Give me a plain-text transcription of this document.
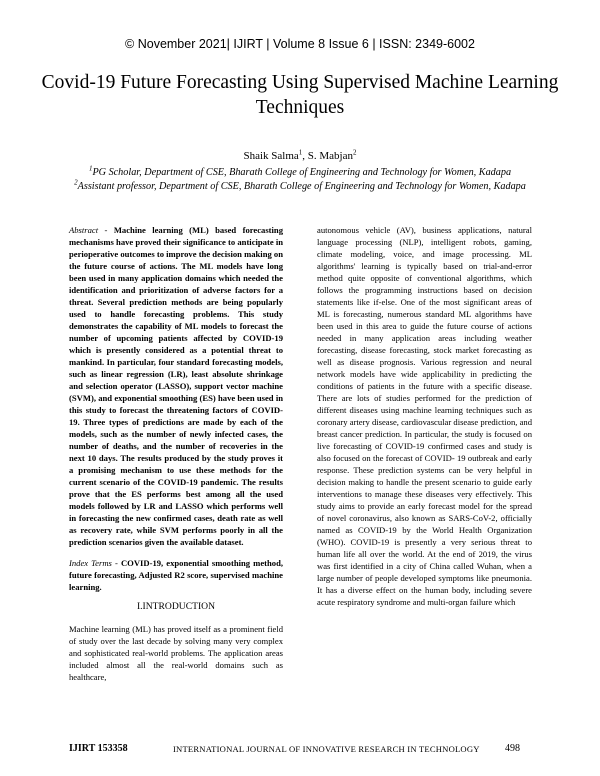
© November 2021| IJIRT | Volume 8 Issue 6 | ISSN: 2349-6002
Covid-19 Future Forecasting Using Supervised Machine Learning Techniques
Shaik Salma$^1$, S. Mabjan$^2$
$^1$PG Scholar, Department of CSE, Bharath College of Engineering and Technology for Women, Kadapa
$^2$Assistant professor, Department of CSE, Bharath College of Engineering and Technology for Women, Kadapa

Abstract - Machine learning (ML) based forecasting mechanisms have proved their significance to anticipate in perioperative outcomes to improve the decision making on the future course of actions. The ML models have long been used in many application domains which needed the identification and prioritization of adverse factors for a threat. Several prediction methods are being popularly used to handle forecasting problems. This study demonstrates the capability of ML models to forecast the number of upcoming patients affected by COVID-19 which is presently considered as a potential threat to mankind. In particular, four standard forecasting models, such as linear regression (LR), least absolute shrinkage and selection operator (LASSO), support vector machine (SVM), and exponential smoothing (ES) have been used in this study to forecast the threatening factors of COVID-19. Three types of predictions are made by each of the models, such as the number of newly infected cases, the number of deaths, and the number of recoveries in the next 10 days. The results produced by the study proves it a promising mechanism to use these methods for the current scenario of the COVID-19 pandemic. The results prove that the ES performs best among all the used models followed by LR and LASSO which performs well in forecasting the new confirmed cases, death rate as well as recovery rate, while SVM performs poorly in all the prediction scenarios given the available dataset.

Index Terms - COVID-19, exponential smoothing method, future forecasting, Adjusted R2 score, supervised machine learning.

I.INTRODUCTION

Machine learning (ML) has proved itself as a prominent field of study over the last decade by solving many very complex and sophisticated real-world problems. The application areas included almost all the real-world domains such as healthcare,

autonomous vehicle (AV), business applications, natural language processing (NLP), intelligent robots, gaming, climate modeling, voice, and image processing. ML algorithms' learning is typically based on trial-and-error method quite opposite of conventional algorithms, which follows the programming instructions based on decision statements like if-else. One of the most significant areas of ML is forecasting, numerous standard ML algorithms have been used in this area to guide the future course of actions needed in many application areas including weather forecasting, disease forecasting, stock market forecasting as well as disease prognosis. Various regression and neural network models have wide applicability in predicting the conditions of patients in the future with a specific disease. There are lots of studies performed for the prediction of different diseases using machine learning techniques such as coronary artery disease, cardiovascular disease prediction, and breast cancer prediction. In particular, the study is focused on live forecasting of COVID-19 confirmed cases and study is also focused on the forecast of COVID- 19 outbreak and early response. These prediction systems can be very helpful in decision making to handle the present scenario to guide early interventions to manage these diseases very effectively. This study aims to provide an early forecast model for the spread of novel coronavirus, also known as SARS-CoV-2, officially named as COVID-19 by the World Health Organization (WHO). COVID-19 is presently a very serious threat to human life all over the world. At the end of 2019, the virus was first identified in a city of China called Wuhan, when a large number of people developed symptoms like pneumonia. It has a diverse effect on the human body, including severe acute respiratory syndrome and multi-organ failure which

IJIRT 153358	INTERNATIONAL JOURNAL OF INNOVATIVE RESEARCH IN TECHNOLOGY	498
